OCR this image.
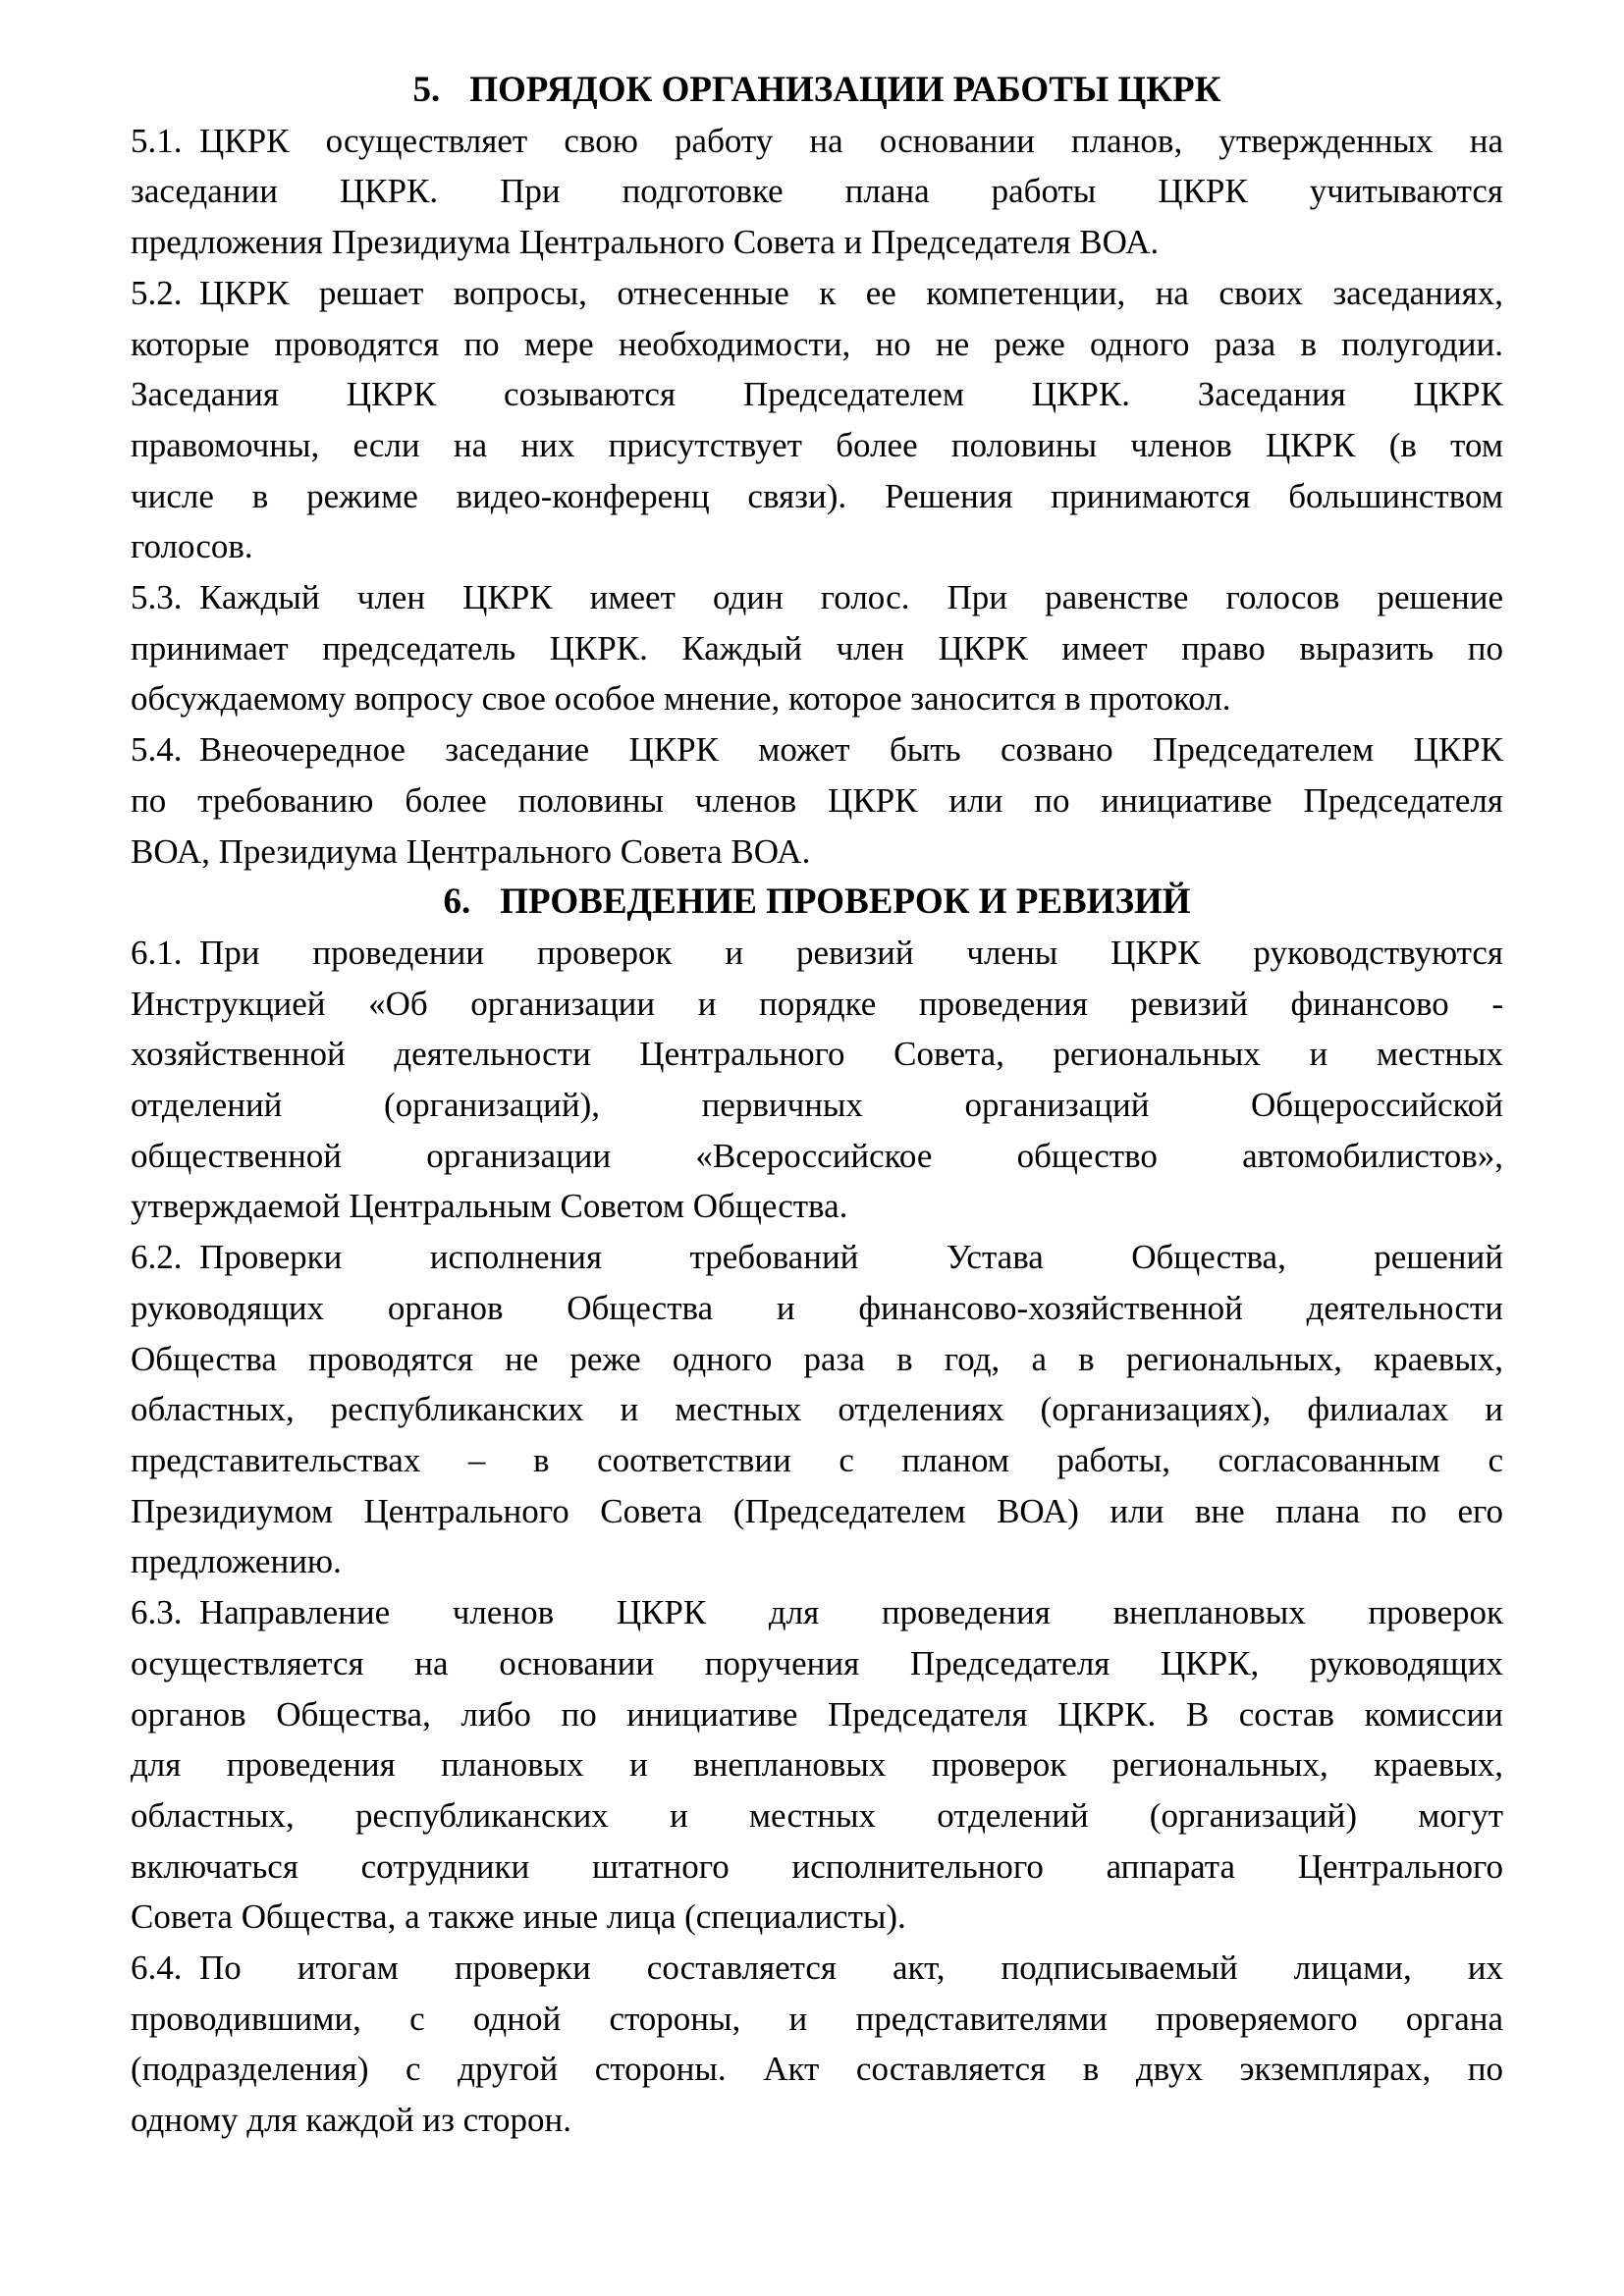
5. ПОРЯДОК ОРГАНИЗАЦИИ РАБОТЫ ЦКРК
5.1. ЦКРК осуществляет свою работу на основании планов, утвержденных на
заседании ЦКРК. При подготовке плана работы ЦКРК учитываются
предложения Президиума Центрального Совета и Председателя ВОА.
5.2. ЦКРК решает вопросы, отнесенные к ее компетенции, на своих заседаниях,
которые проводятся по мере необходимости, но не реже одного раза в полугодии.
Заседания ЦКРК созываются Председателем ЦКРК. Заседания ЦКРК
правомочны, если на них присутствует более половины членов ЦКРК (в том
числе в режиме видео-конференц связи). Решения принимаются большинством
голосов.
5.3. Каждый член ЦКРК имеет один голос. При равенстве голосов решение
принимает председатель ЦКРК. Каждый член ЦКРК имеет право выразить по
обсуждаемому вопросу свое особое мнение, которое заносится в протокол.
5.4. Внеочередное заседание ЦКРК может быть созвано Председателем ЦКРК
по требованию более половины членов ЦКРК или по инициативе Председателя
ВОА, Президиума Центрального Совета ВОА.
6. ПРОВЕДЕНИЕ ПРОВЕРОК И РЕВИЗИЙ
6.1. При проведении проверок и ревизий члены ЦКРК руководствуются
Инструкцией «Об организации и порядке проведения ревизий финансово -
хозяйственной деятельности Центрального Совета, региональных и местных
отделений (организаций), первичных организаций Общероссийской
общественной организации «Всероссийское общество автомобилистов»,
утверждаемой Центральным Советом Общества.
6.2. Проверки исполнения требований Устава Общества, решений
руководящих органов Общества и финансово-хозяйственной деятельности
Общества проводятся не реже одного раза в год, а в региональных, краевых,
областных, республиканских и местных отделениях (организациях), филиалах и
представительствах – в соответствии с планом работы, согласованным с
Президиумом Центрального Совета (Председателем ВОА) или вне плана по его
предложению.
6.3. Направление членов ЦКРК для проведения внеплановых проверок
осуществляется на основании поручения Председателя ЦКРК, руководящих
органов Общества, либо по инициативе Председателя ЦКРК. В состав комиссии
для проведения плановых и внеплановых проверок региональных, краевых,
областных, республиканских и местных отделений (организаций) могут
включаться сотрудники штатного исполнительного аппарата Центрального
Совета Общества, а также иные лица (специалисты).
6.4. По итогам проверки составляется акт, подписываемый лицами, их
проводившими, с одной стороны, и представителями проверяемого органа
(подразделения) с другой стороны. Акт составляется в двух экземплярах, по
одному для каждой из сторон.
